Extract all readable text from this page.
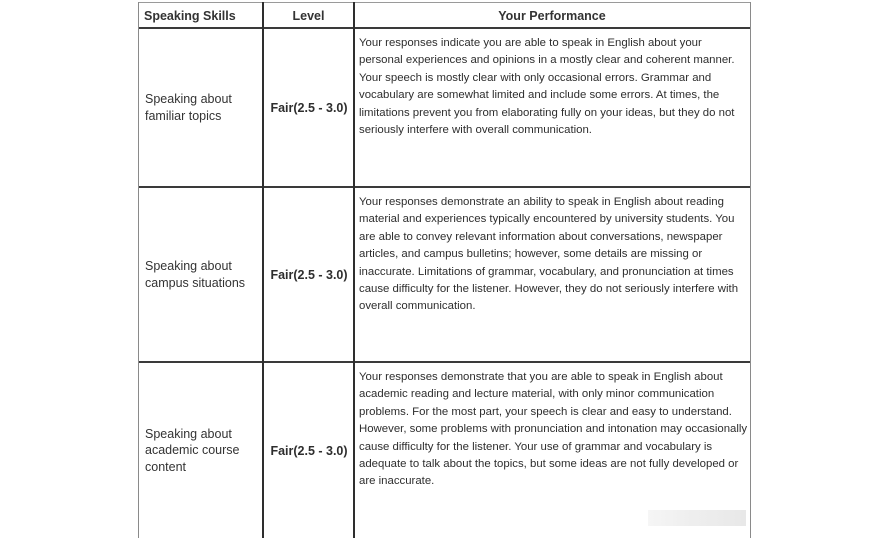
Speaking Skills	Level	Your Performance
Speaking about familiar topics
Fair(2.5 - 3.0)
Your responses indicate you are able to speak in English about your personal experiences and opinions in a mostly clear and coherent manner. Your speech is mostly clear with only occasional errors. Grammar and vocabulary are somewhat limited and include some errors. At times, the limitations prevent you from elaborating fully on your ideas, but they do not seriously interfere with overall communication.
Speaking about campus situations
Fair(2.5 - 3.0)
Your responses demonstrate an ability to speak in English about reading material and experiences typically encountered by university students. You are able to convey relevant information about conversations, newspaper articles, and campus bulletins; however, some details are missing or inaccurate. Limitations of grammar, vocabulary, and pronunciation at times cause difficulty for the listener. However, they do not seriously interfere with overall communication.
Speaking about academic course content
Fair(2.5 - 3.0)
Your responses demonstrate that you are able to speak in English about academic reading and lecture material, with only minor communication problems. For the most part, your speech is clear and easy to understand. However, some problems with pronunciation and intonation may occasionally cause difficulty for the listener. Your use of grammar and vocabulary is adequate to talk about the topics, but some ideas are not fully developed or are inaccurate.
